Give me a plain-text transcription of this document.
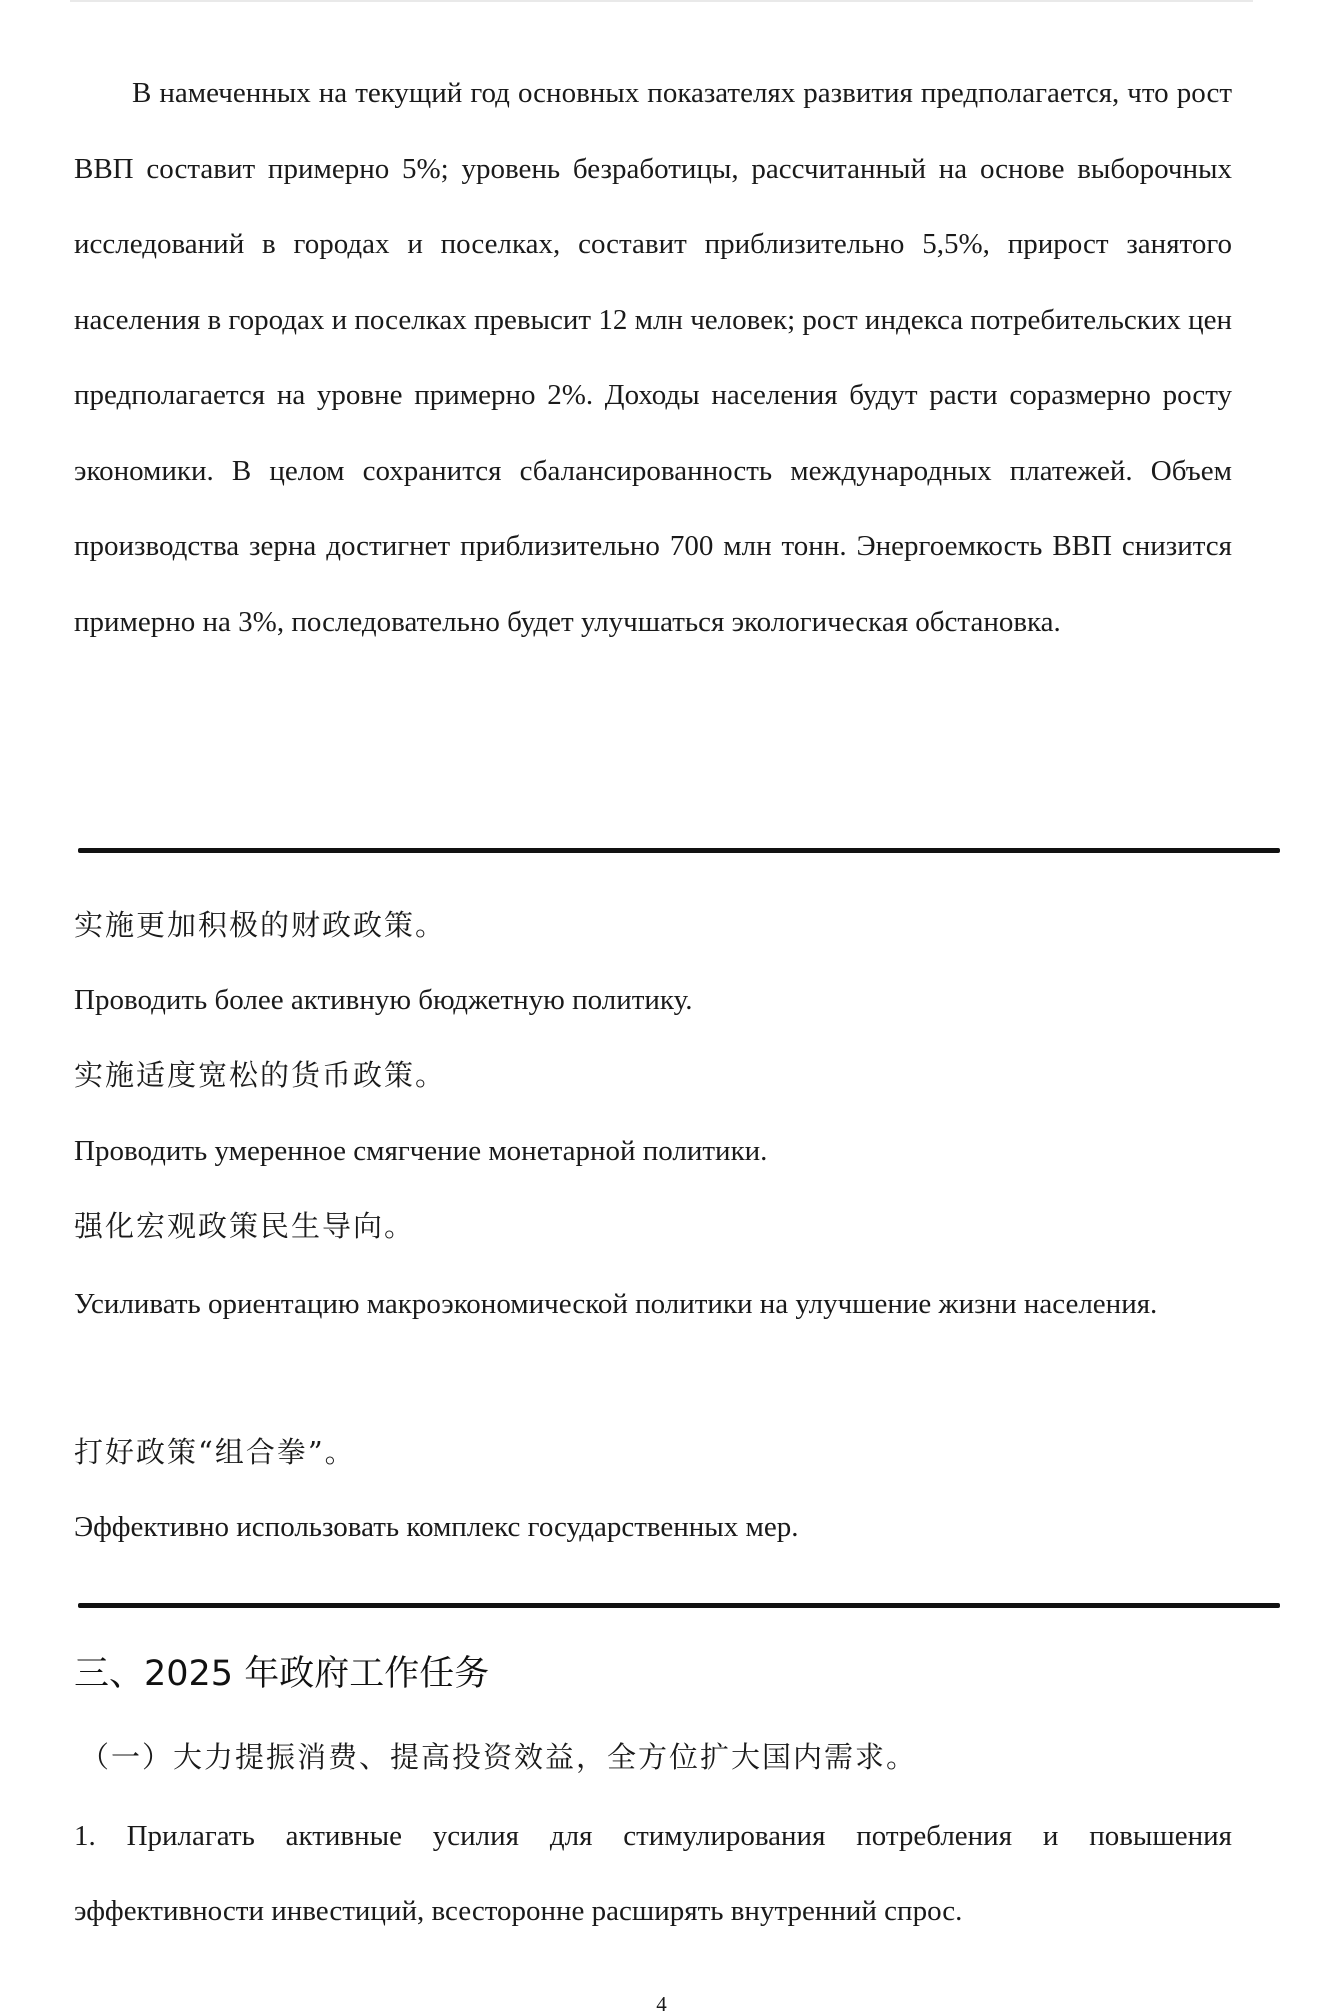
В намеченных на текущий год основных показателях развития предполагается, что рост ВВП составит примерно 5%; уровень безработицы, рассчитанный на основе выборочных исследований в городах и поселках, составит приблизительно 5,5%, прирост занятого населения в городах и поселках превысит 12 млн человек; рост индекса потребительских цен предполагается на уровне примерно 2%. Доходы населения будут расти соразмерно росту экономики. В целом сохранится сбалансированность международных платежей. Объем производства зерна достигнет приблизительно 700 млн тонн. Энергоемкость ВВП снизится примерно на 3%, последовательно будет улучшаться экологическая обстановка.

实施更加积极的财政政策。
Проводить более активную бюджетную политику.
实施适度宽松的货币政策。
Проводить умеренное смягчение монетарной политики.
强化宏观政策民生导向。

Усиливать ориентацию макроэкономической политики на улучшение жизни населения.

打好政策“组合拳”。
Эффективно использовать комплекс государственных мер.
三、2025 年政府工作任务
（一）大力提振消费、提高投资效益，全方位扩大国内需求。

1. Прилагать активные усилия для стимулирования потребления и повышения эффективности инвестиций, всесторонне расширять внутренний спрос.

4
